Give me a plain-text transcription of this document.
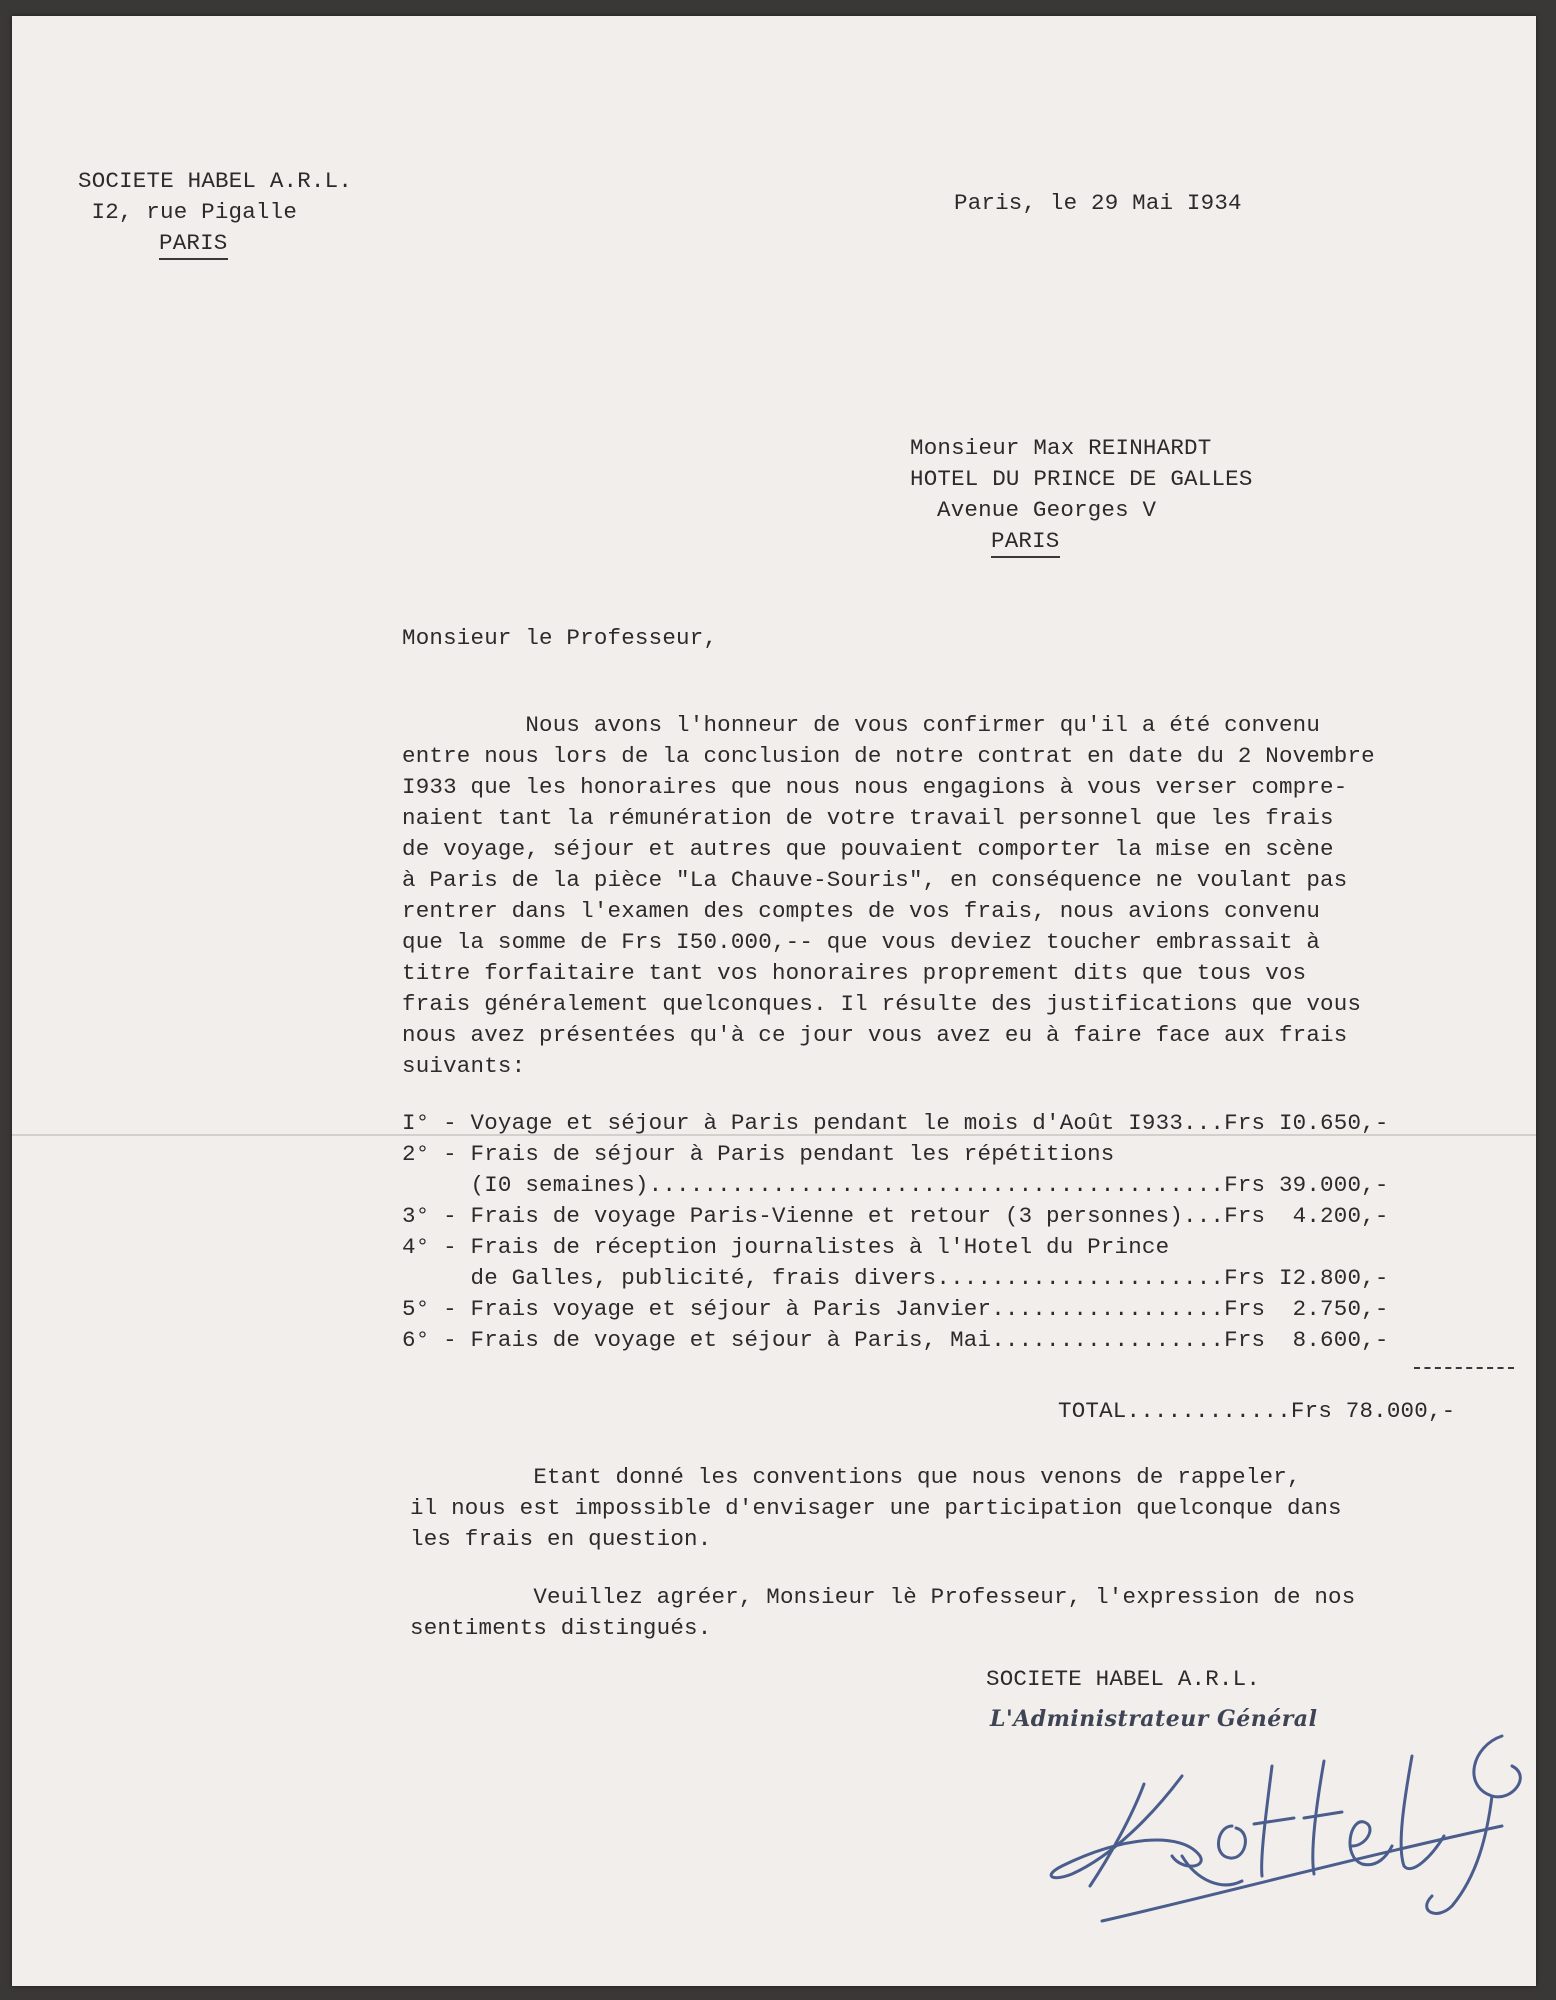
SOCIETE HABEL A.R.L.
I2, rue Pigalle
PARIS
Paris, le 29 Mai I934
Monsieur Max REINHARDT
HOTEL DU PRINCE DE GALLES
Avenue Georges V
PARIS
Monsieur le Professeur,
Nous avons l'honneur de vous confirmer qu'il a été convenu
entre nous lors de la conclusion de notre contrat en date du 2 Novembre
I933 que les honoraires que nous nous engagions à vous verser compre-
naient tant la rémunération de votre travail personnel que les frais
de voyage, séjour et autres que pouvaient comporter la mise en scène
à Paris de la pièce "La Chauve-Souris", en conséquence ne voulant pas
rentrer dans l'examen des comptes de vos frais, nous avions convenu
que la somme de Frs I50.000,-- que vous deviez toucher embrassait à
titre forfaitaire tant vos honoraires proprement dits que tous vos
frais généralement quelconques. Il résulte des justifications que vous
nous avez présentées qu'à ce jour vous avez eu à faire face aux frais
suivants:
I° - Voyage et séjour à Paris pendant le mois d'Août I933...Frs I0.650,-
2° - Frais de séjour à Paris pendant les répétitions
(I0 semaines)..........................................Frs 39.000,-
3° - Frais de voyage Paris-Vienne et retour (3 personnes)...Frs  4.200,-
4° - Frais de réception journalistes à l'Hotel du Prince
de Galles, publicité, frais divers.....................Frs I2.800,-
5° - Frais voyage et séjour à Paris Janvier.................Frs  2.750,-
6° - Frais de voyage et séjour à Paris, Mai.................Frs  8.600,-
TOTAL............Frs 78.000,-
Etant donné les conventions que nous venons de rappeler,
il nous est impossible d'envisager une participation quelconque dans
les frais en question.
Veuillez agréer, Monsieur lè Professeur, l'expression de nos
sentiments distingués.
SOCIETE HABEL A.R.L.
L'Administrateur Général
